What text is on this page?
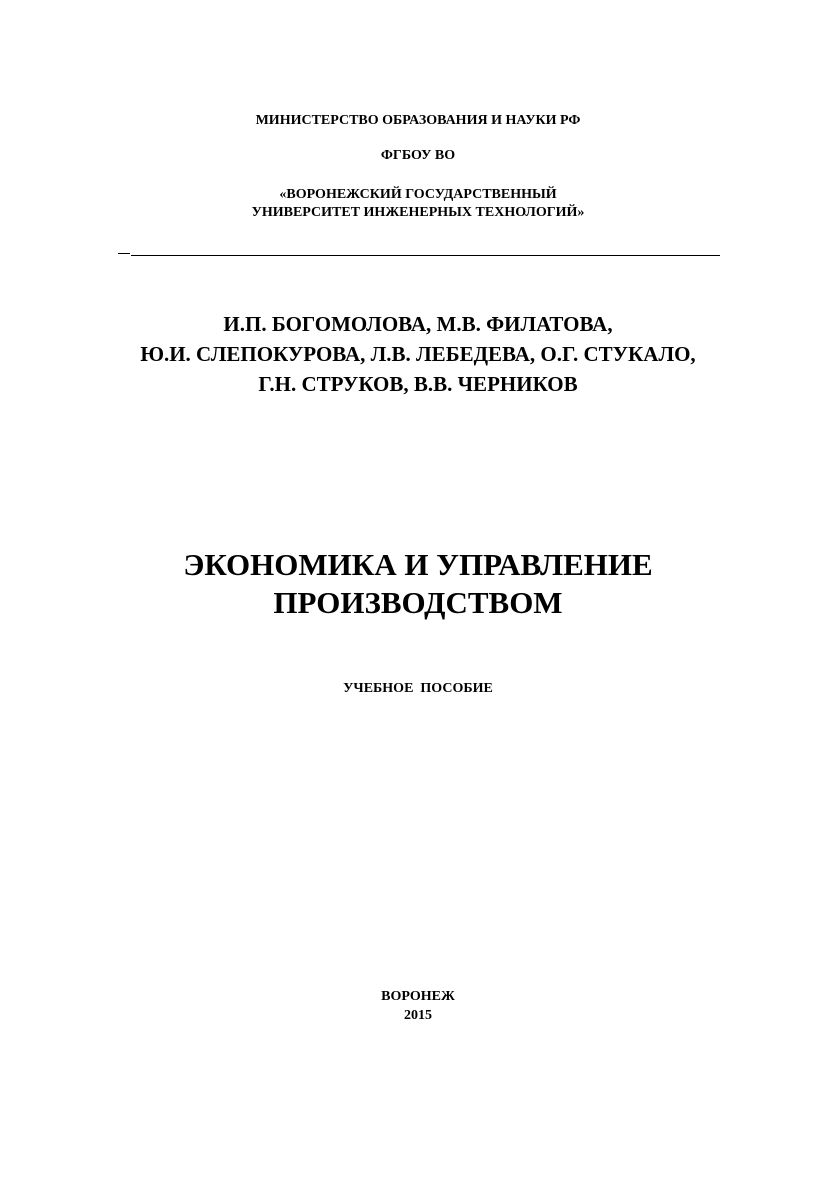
МИНИСТЕРСТВО ОБРАЗОВАНИЯ И НАУКИ РФ
ФГБОУ ВО
«ВОРОНЕЖСКИЙ ГОСУДАРСТВЕННЫЙ
УНИВЕРСИТЕТ ИНЖЕНЕРНЫХ ТЕХНОЛОГИЙ»
И.П. БОГОМОЛОВА, М.В. ФИЛАТОВА,
Ю.И. СЛЕПОКУРОВА, Л.В. ЛЕБЕДЕВА, О.Г. СТУКАЛО,
Г.Н. СТРУКОВ, В.В. ЧЕРНИКОВ
ЭКОНОМИКА И УПРАВЛЕНИЕ
ПРОИЗВОДСТВОМ
УЧЕБНОЕ  ПОСОБИЕ
ВОРОНЕЖ
2015
